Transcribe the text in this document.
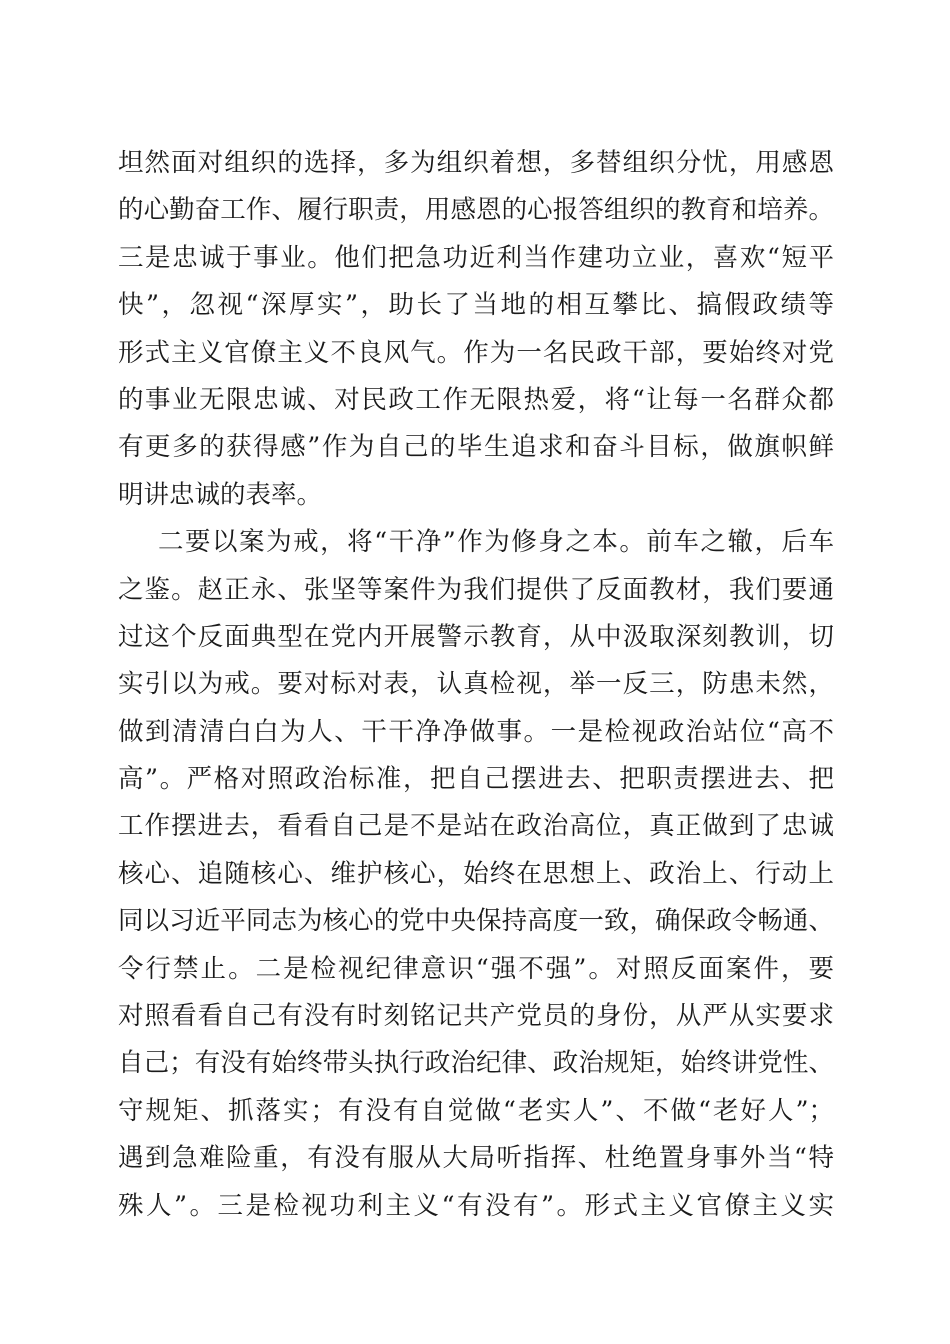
坦然面对组织的选择，多为组织着想，多替组织分忧，用感恩
的心勤奋工作、履行职责，用感恩的心报答组织的教育和培养。
三是忠诚于事业。他们把急功近利当作建功立业，喜欢“短平
快”，忽视“深厚实”，助长了当地的相互攀比、搞假政绩等
形式主义官僚主义不良风气。作为一名民政干部，要始终对党
的事业无限忠诚、对民政工作无限热爱，将“让每一名群众都
有更多的获得感”作为自己的毕生追求和奋斗目标，做旗帜鲜
明讲忠诚的表率。
二要以案为戒，将“干净”作为修身之本。前车之辙，后车
之鉴。赵正永、张坚等案件为我们提供了反面教材，我们要通
过这个反面典型在党内开展警示教育，从中汲取深刻教训，切
实引以为戒。要对标对表，认真检视，举一反三，防患未然，
做到清清白白为人、干干净净做事。一是检视政治站位“高不
高”。严格对照政治标准，把自己摆进去、把职责摆进去、把
工作摆进去，看看自己是不是站在政治高位，真正做到了忠诚
核心、追随核心、维护核心，始终在思想上、政治上、行动上
同以习近平同志为核心的党中央保持高度一致，确保政令畅通、
令行禁止。二是检视纪律意识“强不强”。对照反面案件，要
对照看看自己有没有时刻铭记共产党员的身份，从严从实要求
自己；有没有始终带头执行政治纪律、政治规矩，始终讲党性、
守规矩、抓落实；有没有自觉做“老实人”、不做“老好人”；
遇到急难险重，有没有服从大局听指挥、杜绝置身事外当“特
殊人”。三是检视功利主义“有没有”。形式主义官僚主义实
